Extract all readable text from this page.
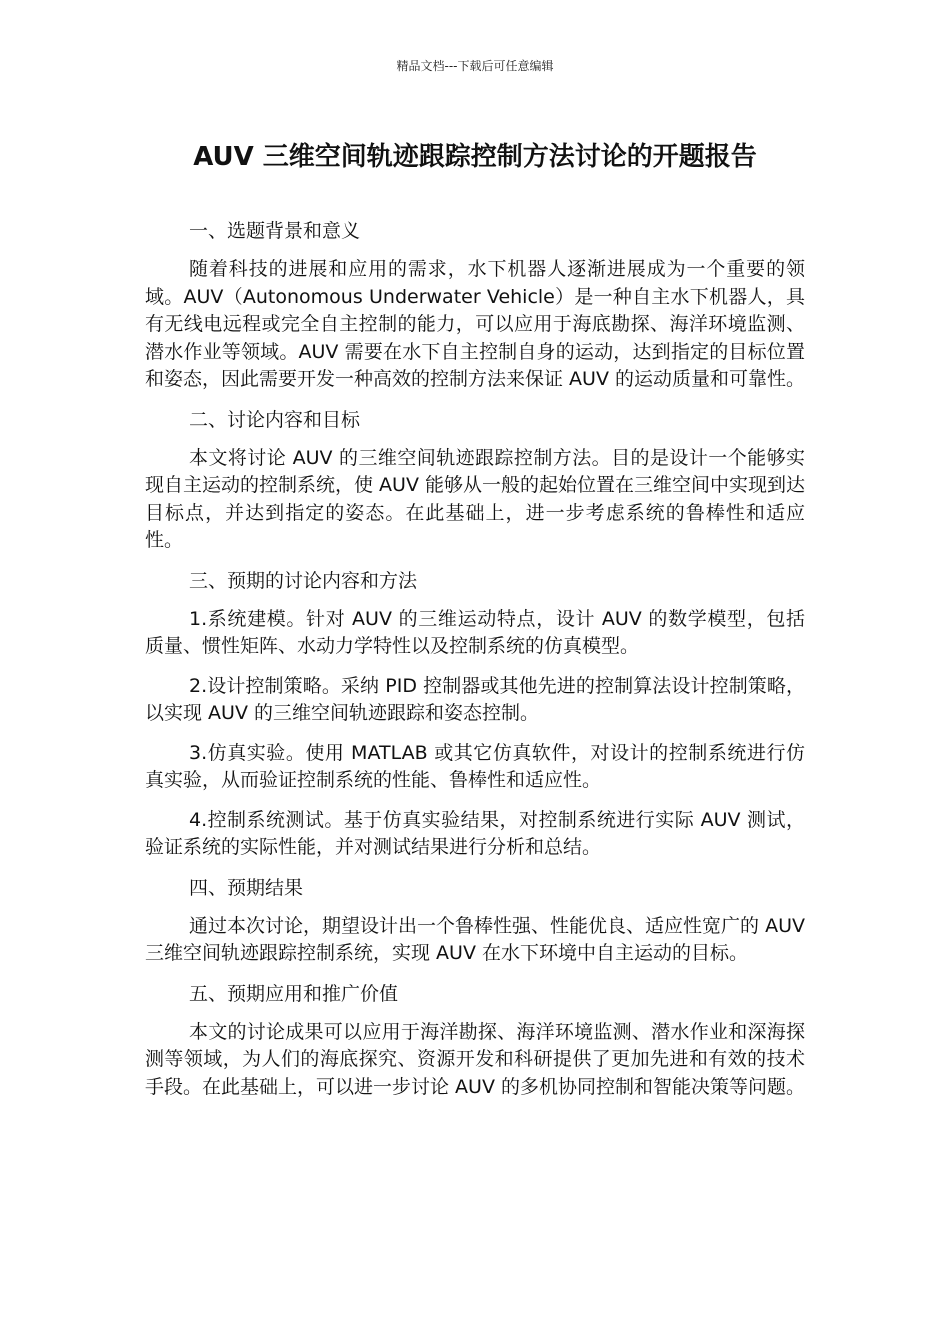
精品文档---下载后可任意编辑
AUV 三维空间轨迹跟踪控制方法讨论的开题报告

一、选题背景和意义

随着科技的进展和应用的需求，水下机器人逐渐进展成为一个重要的领域。AUV（Autonomous Underwater Vehicle）是一种自主水下机器人，具有无线电远程或完全自主控制的能力，可以应用于海底勘探、海洋环境监测、潜水作业等领域。AUV 需要在水下自主控制自身的运动，达到指定的目标位置和姿态，因此需要开发一种高效的控制方法来保证 AUV 的运动质量和可靠性。

二、讨论内容和目标

本文将讨论 AUV 的三维空间轨迹跟踪控制方法。目的是设计一个能够实现自主运动的控制系统，使 AUV 能够从一般的起始位置在三维空间中实现到达目标点，并达到指定的姿态。在此基础上，进一步考虑系统的鲁棒性和适应性。

三、预期的讨论内容和方法

1.系统建模。针对 AUV 的三维运动特点，设计 AUV 的数学模型，包括质量、惯性矩阵、水动力学特性以及控制系统的仿真模型。

2.设计控制策略。采纳 PID 控制器或其他先进的控制算法设计控制策略，以实现 AUV 的三维空间轨迹跟踪和姿态控制。

3.仿真实验。使用 MATLAB 或其它仿真软件，对设计的控制系统进行仿真实验，从而验证控制系统的性能、鲁棒性和适应性。

4.控制系统测试。基于仿真实验结果，对控制系统进行实际 AUV 测试，验证系统的实际性能，并对测试结果进行分析和总结。

四、预期结果

通过本次讨论，期望设计出一个鲁棒性强、性能优良、适应性宽广的 AUV 三维空间轨迹跟踪控制系统，实现 AUV 在水下环境中自主运动的目标。

五、预期应用和推广价值

本文的讨论成果可以应用于海洋勘探、海洋环境监测、潜水作业和深海探测等领域，为人们的海底探究、资源开发和科研提供了更加先进和有效的技术手段。在此基础上，可以进一步讨论 AUV 的多机协同控制和智能决策等问题。
